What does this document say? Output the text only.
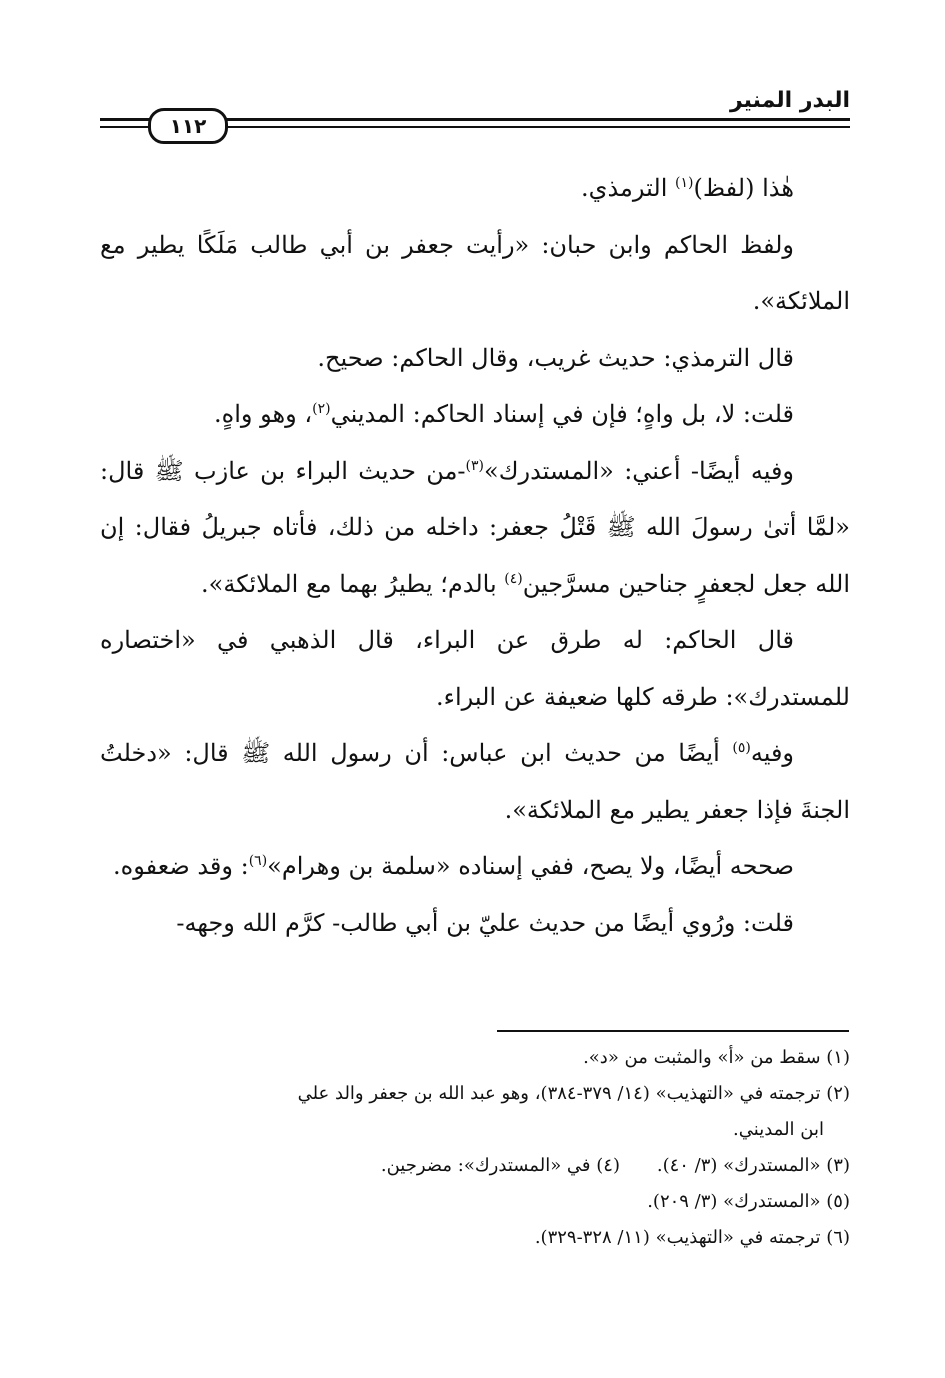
البدر المنير
١١٢

هٰذا (لفظ)$^{(١)}$ الترمذي.

ولفظ الحاكم وابن حبان: «رأيت جعفر بن أبي طالب مَلَكًا يطير مع الملائكة».

قال الترمذي: حديث غريب، وقال الحاكم: صحيح.

قلت: لا، بل واهٍ؛ فإن في إسناد الحاكم: المديني$^{(٢)}$، وهو واهٍ.

وفيه أيضًا- أعني: «المستدرك»$^{(٣)}$-من حديث البراء بن عازب ﷺ قال: «لمَّا أتىٰ رسولَ الله ﷺ قَتْلُ جعفر: داخله من ذلك، فأتاه جبريلُ فقال: إن الله جعل لجعفرٍ جناحين مسرَّجين$^{(٤)}$ بالدم؛ يطيرُ بهما مع الملائكة».

قال الحاكم: له طرق عن البراء، قال الذهبي في «اختصاره للمستدرك»: طرقه كلها ضعيفة عن البراء.

وفيه$^{(٥)}$ أيضًا من حديث ابن عباس: أن رسول الله ﷺ قال: «دخلتُ الجنةَ فإذا جعفر يطير مع الملائكة».

صححه أيضًا، ولا يصح، ففي إسناده «سلمة بن وهرام»$^{(٦)}$: وقد ضعفوه.

قلت: ورُوي أيضًا من حديث عليّ بن أبي طالب- كرَّم الله وجهه-

(١) سقط من «أ» والمثبت من «د».

(٢) ترجمته في «التهذيب» (١٤/ ٣٧٩-٣٨٤)، وهو عبد الله بن جعفر والد علي

ابن المديني.

(٣) «المستدرك» (٣/ ٤٠).
(٤) في «المستدرك»: مضرجين.

(٥) «المستدرك» (٣/ ٢٠٩).

(٦) ترجمته في «التهذيب» (١١/ ٣٢٨-٣٢٩).
